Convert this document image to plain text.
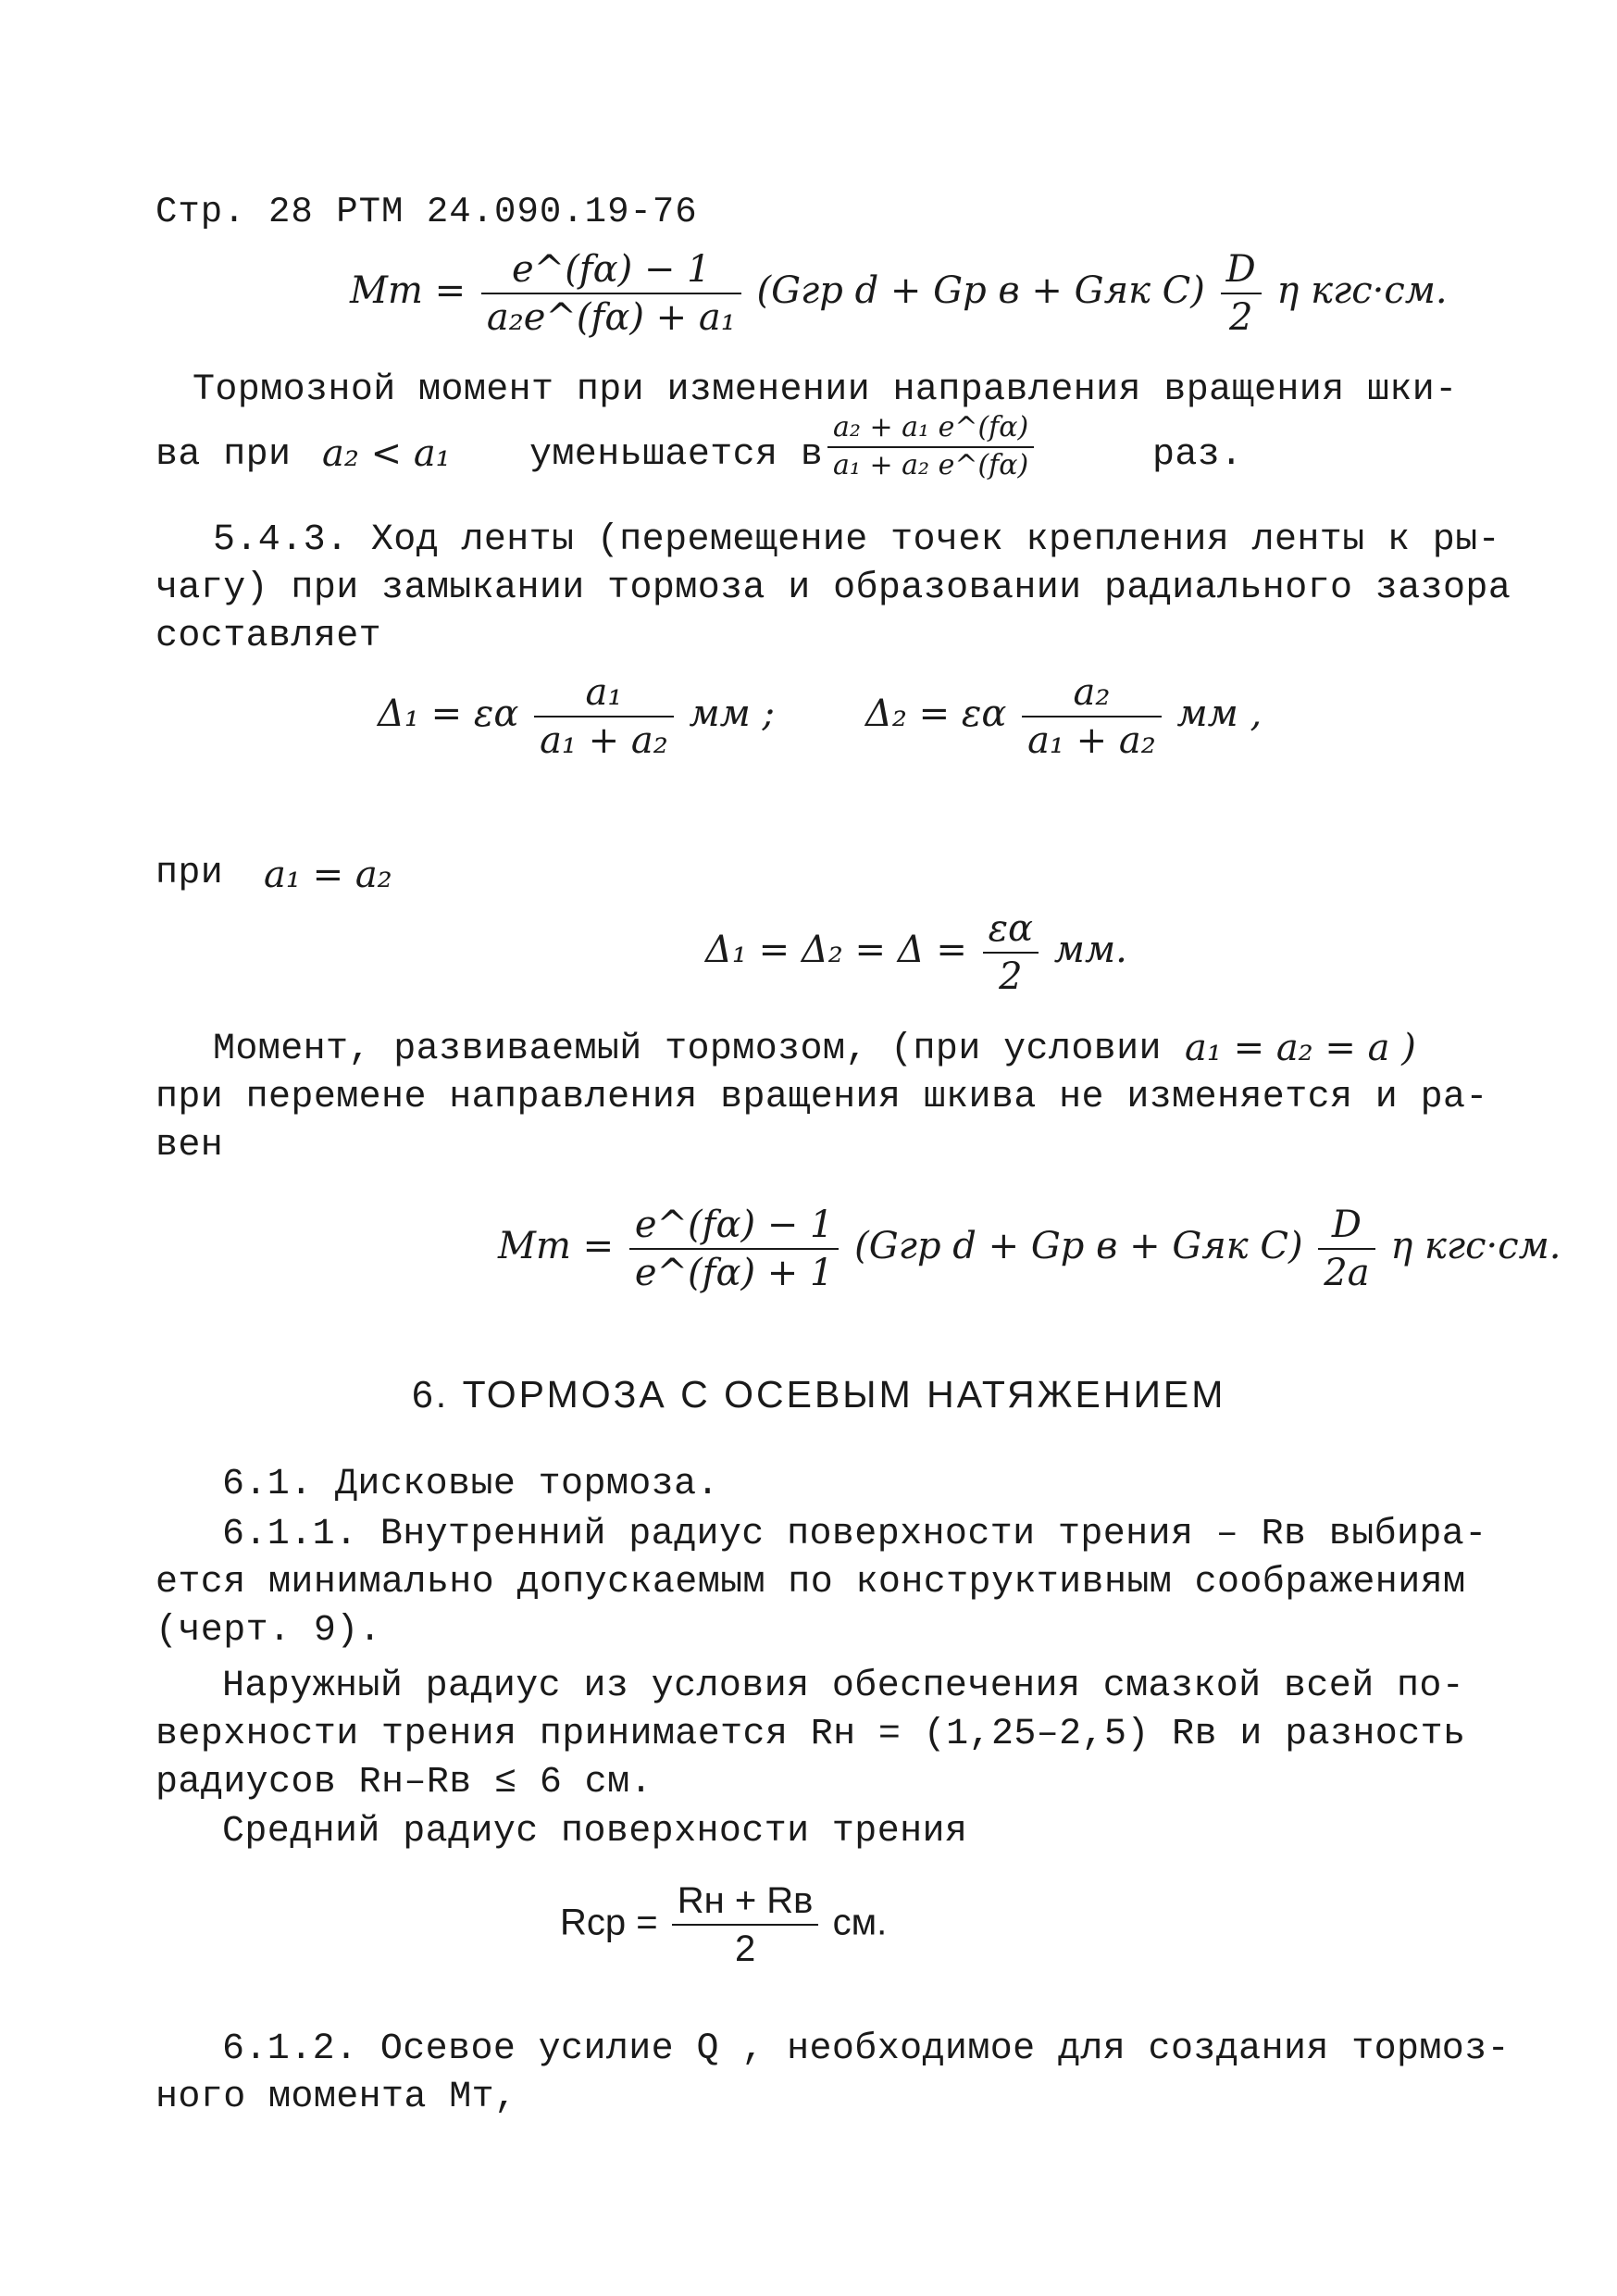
Стр. 28 РТМ 24.090.19-76
Mт = $\frac{e\^{}(f\alpha) - 1}{\text{a₂e\textasciicircum{}(fα) + a₁}} (Gгр$ d + Gр в + Gяк $C) \frac{D}{2}$ η кгс·см.
Тормозной момент при изменении направления вращения шки-
ва при a₂ < a₁ уменьшается в $\frac{\text{a₂ + a₁ e\textasciicircum{}(fα)}}{\text{a₁ + a₂ e\textasciicircum{}(fα)}}$	раз.
5.4.3. Ход ленты (перемещение точек крепления ленты к ры-
чагу) при замыкании тормоза и образовании радиального зазора
составляет
Δ₁ = εα $\frac{\text{a₁}}{\text{a₁ + a₂}}$ мм ; Δ₂ = εα $\frac{\text{a₂}}{\text{a₁ + a₂}}$ мм ,
при a₁ = a₂
$\Delta_1 = \Delta_2 = \Delta = \frac{\varepsilon\alpha}{2}$ мм.
Момент, развиваемый тормозом, (при условии a₁ = a₂ = a )
при перемене направления вращения шкива не изменяется и ра-
вен
Mт = $\frac{e\^{}(f\alpha) - 1}{e\^{}(f\alpha) + 1} (Gгр$ d + Gр в + Gяк $C) \frac{D}{2a}$ η кгс·см.
6. ТОРМОЗА С ОСЕВЫМ НАТЯЖЕНИЕМ
6.1. Дисковые тормоза.
6.1.1. Внутренний радиус поверхности трения – Rв выбира-
ется минимально допускаемым по конструктивным соображениям
(черт. 9).
Наружный радиус из условия обеспечения смазкой всей по-
верхности трения принимается Rн = (1,25–2,5) Rв и разность
радиусов Rн–Rв ≤ 6 см.
Средний радиус поверхности трения
Rср = $\frac{Rн + Rв}{2}$ см.
6.1.2. Осевое усилие Q , необходимое для создания тормоз-
ного момента Mт,
